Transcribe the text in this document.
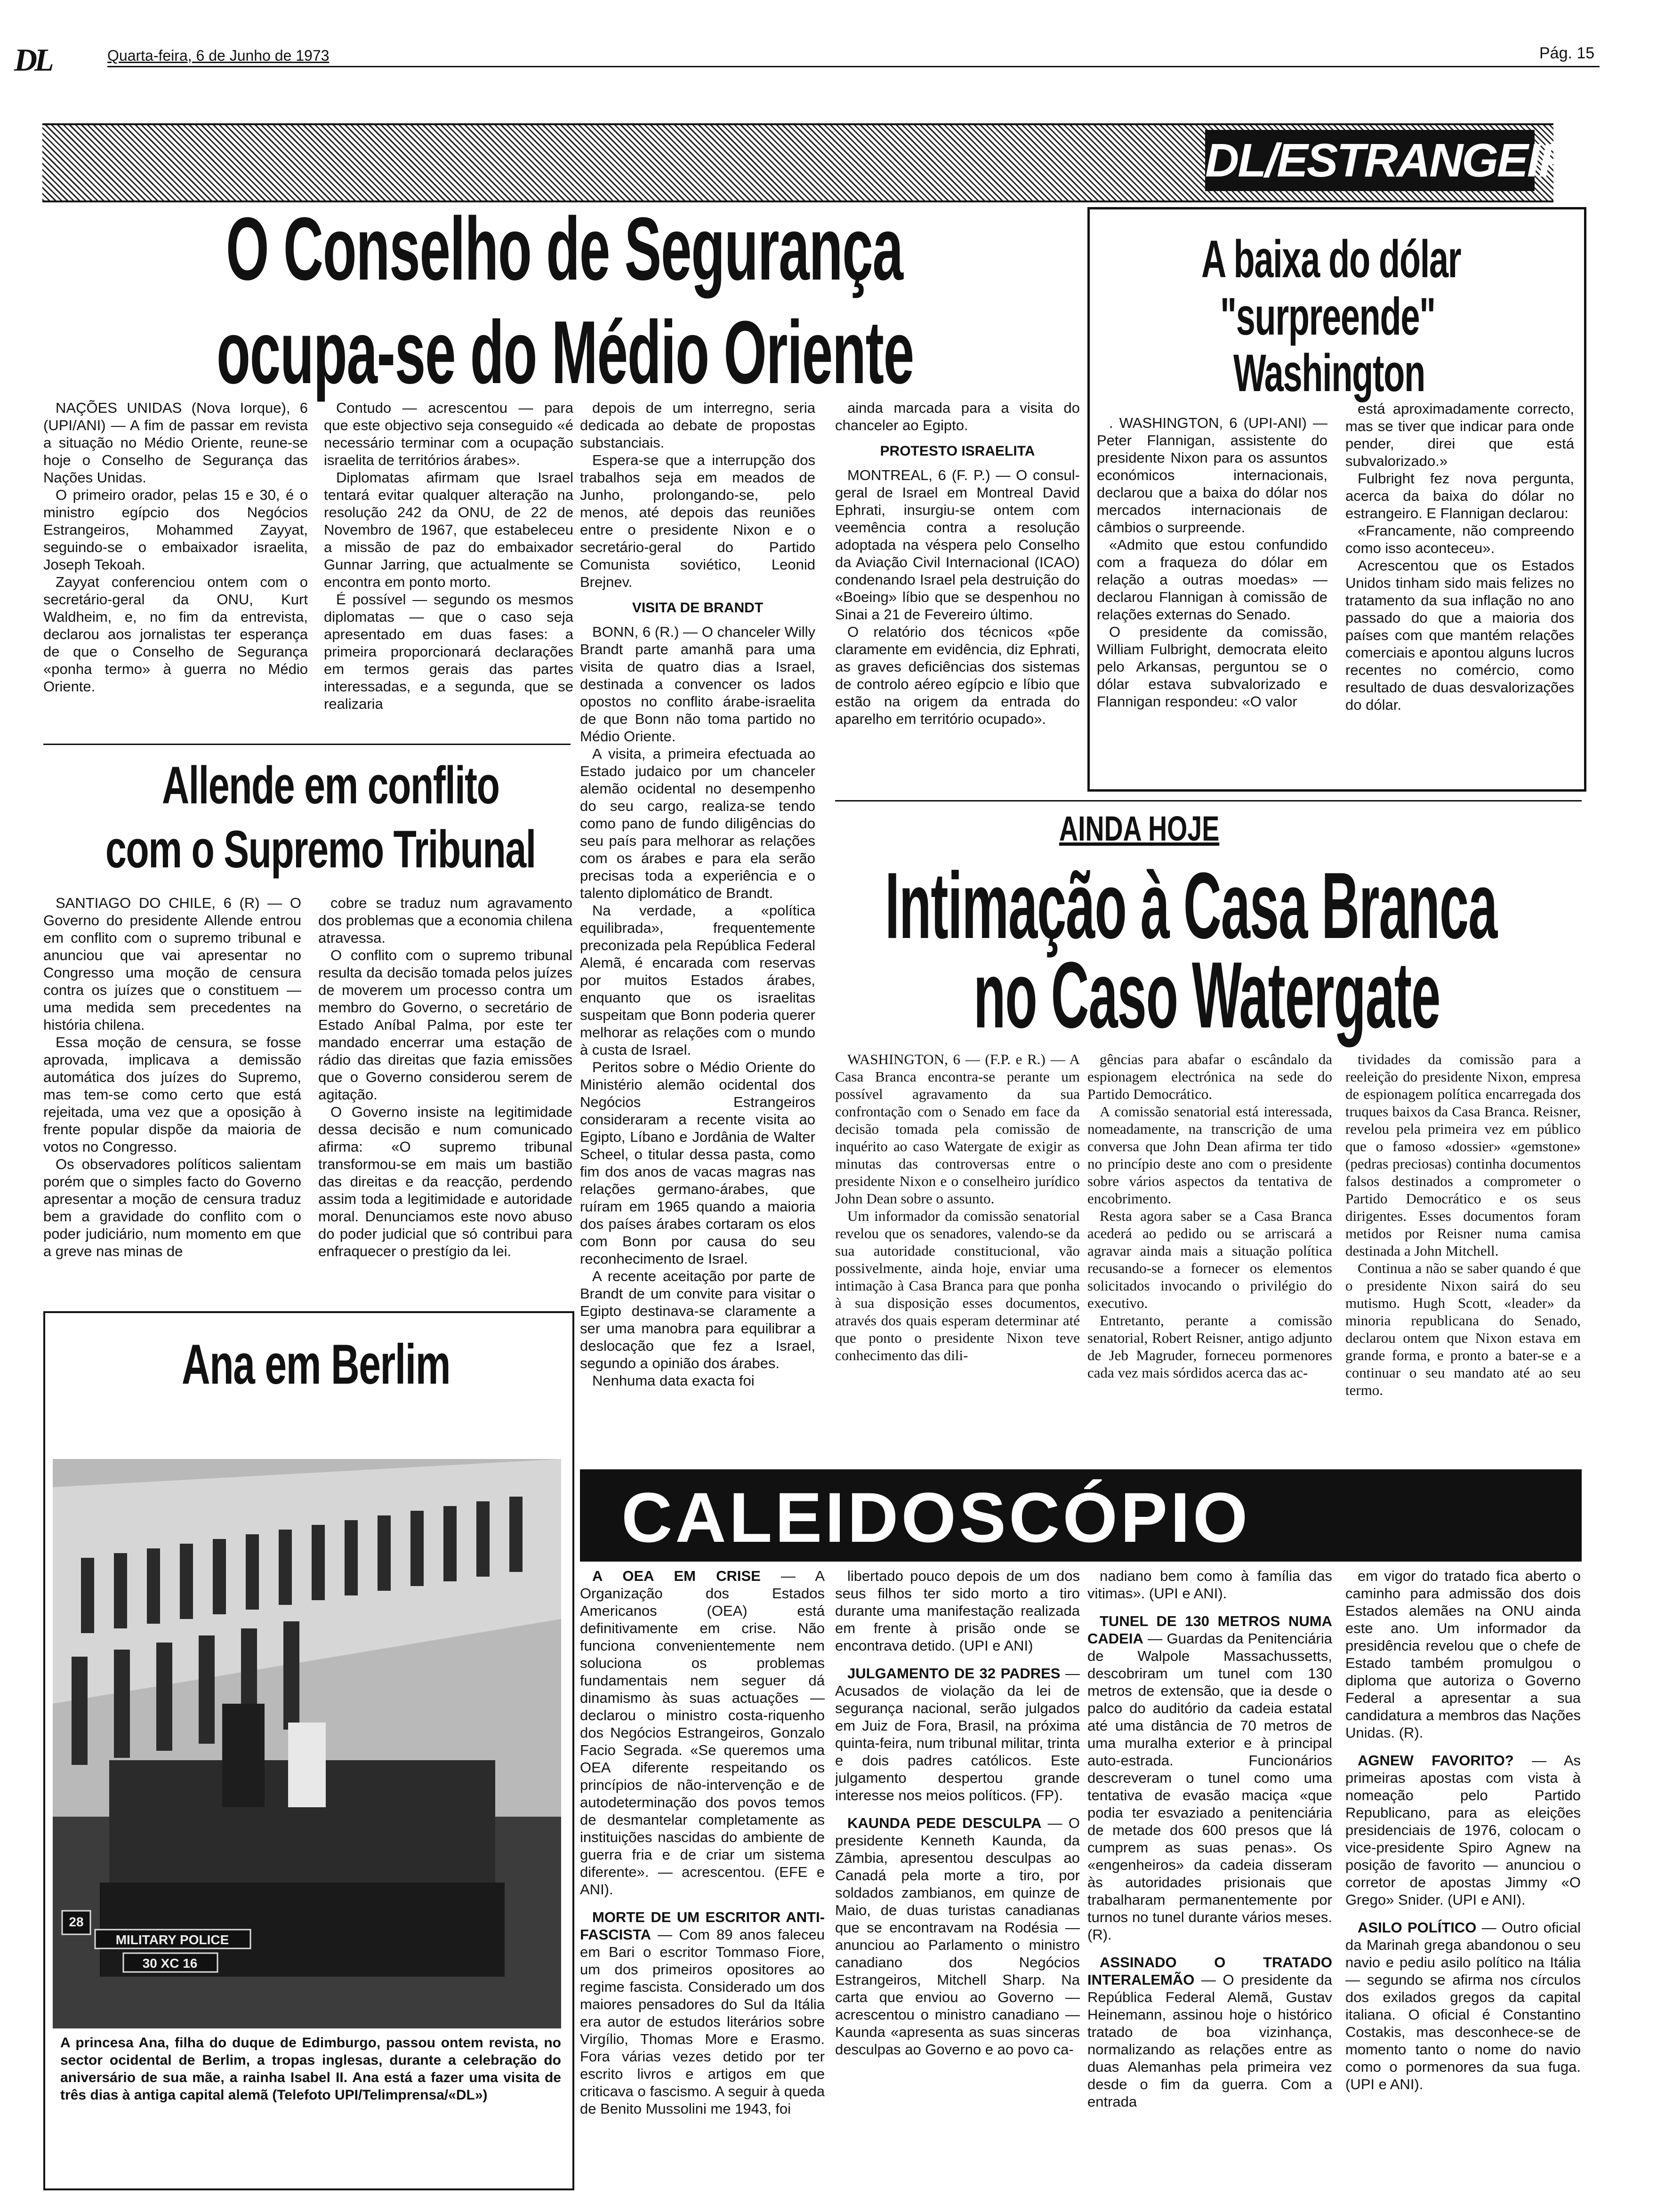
DL	Quarta-feira, 6 de Junho de 1973	Pág. 15
DL/ESTRANGEIRO
O Conselho de Segurança
ocupa-se do Médio Oriente

NAÇÕES UNIDAS (Nova Iorque), 6 (UPI/ANI) — A fim de passar em revista a situação no Médio Oriente, reune-se hoje o Conselho de Segurança das Nações Unidas.

O primeiro orador, pelas 15 e 30, é o ministro egípcio dos Negócios Estrangeiros, Mohammed Zayyat, seguindo-se o embaixador israelita, Joseph Tekoah.

Zayyat conferenciou ontem com o secretário-geral da ONU, Kurt Waldheim, e, no fim da entrevista, declarou aos jornalistas ter esperança de que o Conselho de Segurança «ponha termo» à guerra no Médio Oriente.

Contudo — acrescentou — para que este objectivo seja conseguido «é necessário terminar com a ocupação israelita de territórios árabes».

Diplomatas afirmam que Israel tentará evitar qualquer alteração na resolução 242 da ONU, de 22 de Novembro de 1967, que estabeleceu a missão de paz do embaixador Gunnar Jarring, que actualmente se encontra em ponto morto.

É possível — segundo os mesmos diplomatas — que o caso seja apresentado em duas fases: a primeira proporcionará declarações em termos gerais das partes interessadas, e a segunda, que se realizaria

depois de um interregno, seria dedicada ao debate de propostas substanciais.

Espera-se que a interrupção dos trabalhos seja em meados de Junho, prolongando-se, pelo menos, até depois das reuniões entre o presidente Nixon e o secretário-geral do Partido Comunista soviético, Leonid Brejnev.

VISITA DE BRANDT

BONN, 6 (R.) — O chanceler Willy Brandt parte amanhã para uma visita de quatro dias a Israel, destinada a convencer os lados opostos no conflito árabe-israelita de que Bonn não toma partido no Médio Oriente.

A visita, a primeira efectuada ao Estado judaico por um chanceler alemão ocidental no desempenho do seu cargo, realiza-se tendo como pano de fundo diligências do seu país para melhorar as relações com os árabes e para ela serão precisas toda a experiência e o talento diplomático de Brandt.

Na verdade, a «política equilibrada», frequentemente preconizada pela República Federal Alemã, é encarada com reservas por muitos Estados árabes, enquanto que os israelitas suspeitam que Bonn poderia querer melhorar as relações com o mundo à custa de Israel.

Peritos sobre o Médio Oriente do Ministério alemão ocidental dos Negócios Estrangeiros consideraram a recente visita ao Egipto, Líbano e Jordânia de Walter Scheel, o titular dessa pasta, como fim dos anos de vacas magras nas relações germano-árabes, que ruíram em 1965 quando a maioria dos países árabes cortaram os elos com Bonn por causa do seu reconhecimento de Israel.

A recente aceitação por parte de Brandt de um convite para visitar o Egipto destinava-se claramente a ser uma manobra para equilibrar a deslocação que fez a Israel, segundo a opinião dos árabes.

Nenhuma data exacta foi

ainda marcada para a visita do chanceler ao Egipto.

PROTESTO ISRAELITA

MONTREAL, 6 (F. P.) — O consul-geral de Israel em Montreal David Ephrati, insurgiu-se ontem com veemência contra a resolução adoptada na véspera pelo Conselho da Aviação Civil Internacional (ICAO) condenando Israel pela destruição do «Boeing» líbio que se despenhou no Sinai a 21 de Fevereiro último.

O relatório dos técnicos «põe claramente em evidência, diz Ephrati, as graves deficiências dos sistemas de controlo aéreo egípcio e líbio que estão na origem da entrada do aparelho em território ocupado».

A baixa do dólar
"surpreende"
Washington

. WASHINGTON, 6 (UPI-ANI) — Peter Flannigan, assistente do presidente Nixon para os assuntos económicos internacionais, declarou que a baixa do dólar nos mercados internacionais de câmbios o surpreende.

«Admito que estou confundido com a fraqueza do dólar em relação a outras moedas» — declarou Flannigan à comissão de relações externas do Senado.

O presidente da comissão, William Fulbright, democrata eleito pelo Arkansas, perguntou se o dólar estava subvalorizado e Flannigan respondeu: «O valor

está aproximadamente correcto, mas se tiver que indicar para onde pender, direi que está subvalorizado.»

Fulbright fez nova pergunta, acerca da baixa do dólar no estrangeiro. E Flannigan declarou:

«Francamente, não compreendo como isso aconteceu».

Acrescentou que os Estados Unidos tinham sido mais felizes no tratamento da sua inflação no ano passado do que a maioria dos países com que mantém relações comerciais e apontou alguns lucros recentes no comércio, como resultado de duas desvalorizações do dólar.

Allende em conflito
com o Supremo Tribunal

SANTIAGO DO CHILE, 6 (R) — O Governo do presidente Allende entrou em conflito com o supremo tribunal e anunciou que vai apresentar no Congresso uma moção de censura contra os juízes que o constituem — uma medida sem precedentes na história chilena.

Essa moção de censura, se fosse aprovada, implicava a demissão automática dos juízes do Supremo, mas tem-se como certo que está rejeitada, uma vez que a oposição à frente popular dispõe da maioria de votos no Congresso.

Os observadores políticos salientam porém que o simples facto do Governo apresentar a moção de censura traduz bem a gravidade do conflito com o poder judiciário, num momento em que a greve nas minas de

cobre se traduz num agravamento dos problemas que a economia chilena atravessa.

O conflito com o supremo tribunal resulta da decisão tomada pelos juízes de moverem um processo contra um membro do Governo, o secretário de Estado Aníbal Palma, por este ter mandado encerrar uma estação de rádio das direitas que fazia emissões que o Governo considerou serem de agitação.

O Governo insiste na legitimidade dessa decisão e num comunicado afirma: «O supremo tribunal transformou-se em mais um bastião das direitas e da reacção, perdendo assim toda a legitimidade e autoridade moral. Denunciamos este novo abuso do poder judicial que só contribui para enfraquecer o prestígio da lei.

Ana em Berlim
MILITARY POLICE
30 XC 16
28

A princesa Ana, filha do duque de Edimburgo, passou ontem revista, no sector ocidental de Berlim, a tropas inglesas, durante a celebração do aniversário de sua mãe, a rainha Isabel II. Ana está a fazer uma visita de três dias à antiga capital alemã (Telefoto UPI/Telimprensa/«DL»)

AINDA HOJE
Intimação à Casa Branca
no Caso Watergate

WASHINGTON, 6 — (F.P. e R.) — A Casa Branca encontra-se perante um possível agravamento da sua confrontação com o Senado em face da decisão tomada pela comissão de inquérito ao caso Watergate de exigir as minutas das controversas entre o presidente Nixon e o conselheiro jurídico John Dean sobre o assunto.

Um informador da comissão senatorial revelou que os senadores, valendo-se da sua autoridade constitucional, vão possivelmente, ainda hoje, enviar uma intimação à Casa Branca para que ponha à sua disposição esses documentos, através dos quais esperam determinar até que ponto o presidente Nixon teve conhecimento das dili-

gências para abafar o escândalo da espionagem electrónica na sede do Partido Democrático.

A comissão senatorial está interessada, nomeadamente, na transcrição de uma conversa que John Dean afirma ter tido no princípio deste ano com o presidente sobre vários aspectos da tentativa de encobrimento.

Resta agora saber se a Casa Branca acederá ao pedido ou se arriscará a agravar ainda mais a situação política recusando-se a fornecer os elementos solicitados invocando o privilégio do executivo.

Entretanto, perante a comissão senatorial, Robert Reisner, antigo adjunto de Jeb Magruder, forneceu pormenores cada vez mais sórdidos acerca das ac-

CALEIDOSCÓPIO

A OEA EM CRISE — A Organização dos Estados Americanos (OEA) está definitivamente em crise. Não funciona convenientemente nem soluciona os problemas fundamentais nem seguer dá dinamismo às suas actuações — declarou o ministro costa-riquenho dos Negócios Estrangeiros, Gonzalo Facio Segrada. «Se queremos uma OEA diferente respeitando os princípios de não-intervenção e de autodeterminação dos povos temos de desmantelar completamente as instituições nascidas do ambiente de guerra fria e de criar um sistema diferente». — acrescentou. (EFE e ANI).

MORTE DE UM ESCRITOR ANTI-FASCISTA — Com 89 anos faleceu em Bari o escritor Tommaso Fiore, um dos primeiros opositores ao regime fascista. Considerado um dos maiores pensadores do Sul da Itália era autor de estudos literários sobre Virgílio, Thomas More e Erasmo. Fora várias vezes detido por ter escrito livros e artigos em que criticava o fascismo. A seguir à queda de Benito Mussolini me 1943, foi

libertado pouco depois de um dos seus filhos ter sido morto a tiro durante uma manifestação realizada em frente à prisão onde se encontrava detido. (UPI e ANI)

JULGAMENTO DE 32 PADRES — Acusados de violação da lei de segurança nacional, serão julgados em Juiz de Fora, Brasil, na próxima quinta-feira, num tribunal militar, trinta e dois padres católicos. Este julgamento despertou grande interesse nos meios políticos. (FP).

KAUNDA PEDE DESCULPA — O presidente Kenneth Kaunda, da Zâmbia, apresentou desculpas ao Canadá pela morte a tiro, por soldados zambianos, em quinze de Maio, de duas turistas canadianas que se encontravam na Rodésia — anunciou ao Parlamento o ministro canadiano dos Negócios Estrangeiros, Mitchell Sharp. Na carta que enviou ao Governo — acrescentou o ministro canadiano — Kaunda «apresenta as suas sinceras desculpas ao Governo e ao povo ca-

nadiano bem como à família das vitimas». (UPI e ANI).

TUNEL DE 130 METROS NUMA CADEIA — Guardas da Penitenciária de Walpole Massachussetts, descobriram um tunel com 130 metros de extensão, que ia desde o palco do auditório da cadeia estatal até uma distância de 70 metros de uma muralha exterior e à principal auto-estrada. Funcionários descreveram o tunel como uma tentativa de evasão maciça «que podia ter esvaziado a penitenciária de metade dos 600 presos que lá cumprem as suas penas». Os «engenheiros» da cadeia disseram às autoridades prisionais que trabalharam permanentemente por turnos no tunel durante vários meses. (R).

ASSINADO O TRATADO INTERALEMÃO — O presidente da República Federal Alemã, Gustav Heinemann, assinou hoje o histórico tratado de boa vizinhança, normalizando as relações entre as duas Alemanhas pela primeira vez desde o fim da guerra. Com a entrada

em vigor do tratado fica aberto o caminho para admissão dos dois Estados alemães na ONU ainda este ano. Um informador da presidência revelou que o chefe de Estado também promulgou o diploma que autoriza o Governo Federal a apresentar a sua candidatura a membros das Nações Unidas. (R).

AGNEW FAVORITO? — As primeiras apostas com vista à nomeação pelo Partido Republicano, para as eleições presidenciais de 1976, colocam o vice-presidente Spiro Agnew na posição de favorito — anunciou o corretor de apostas Jimmy «O Grego» Snider. (UPI e ANI).

ASILO POLÍTICO — Outro oficial da Marinah grega abandonou o seu navio e pediu asilo político na Itália — segundo se afirma nos círculos dos exilados gregos da capital italiana. O oficial é Constantino Costakis, mas desconhece-se de momento tanto o nome do navio como o pormenores da sua fuga. (UPI e ANI).

tividades da comissão para a reeleição do presidente Nixon, empresa de espionagem política encarregada dos truques baixos da Casa Branca. Reisner, revelou pela primeira vez em público que o famoso «dossier» «gemstone» (pedras preciosas) continha documentos falsos destinados a comprometer o Partido Democrático e os seus dirigentes. Esses documentos foram metidos por Reisner numa camisa destinada a John Mitchell.

Continua a não se saber quando é que o presidente Nixon sairá do seu mutismo. Hugh Scott, «leader» da minoria republicana do Senado, declarou ontem que Nixon estava em grande forma, e pronto a bater-se e a continuar o seu mandato até ao seu termo.
